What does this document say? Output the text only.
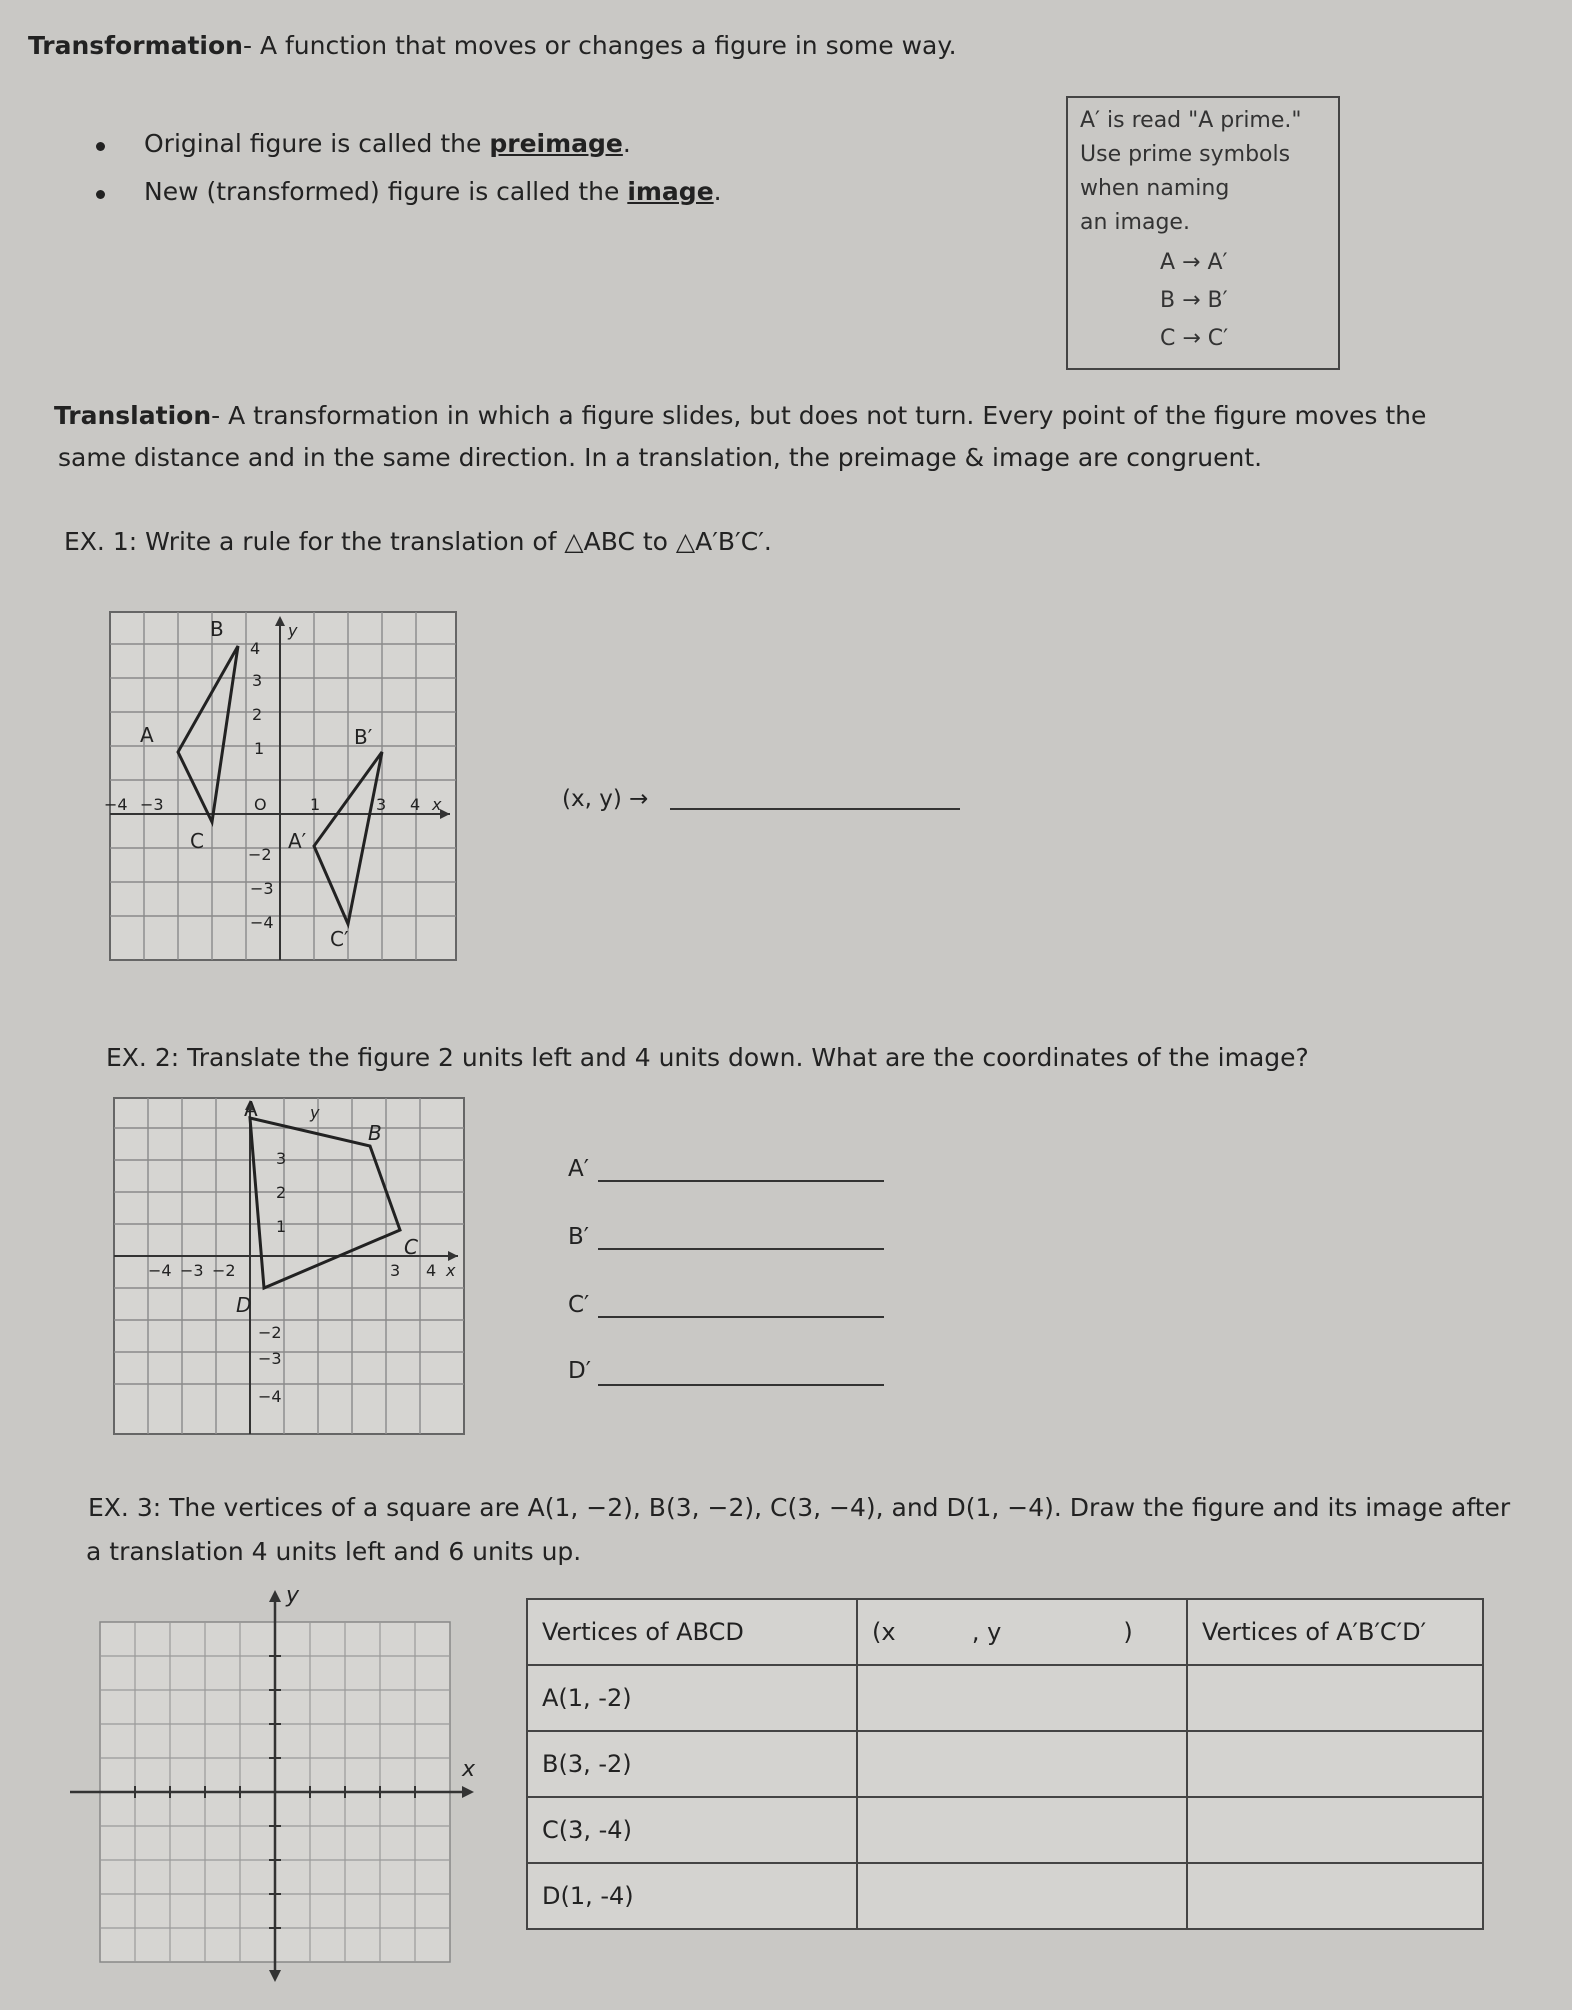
Transformation- A function that moves or changes a figure in some way.
Original figure is called the preimage.
New (transformed) figure is called the image.
A′ is read "A prime."
Use prime symbols
when naming
an image.
A → A′
B → B′
C → C′
Translation- A transformation in which a figure slides, but does not turn. Every point of the figure moves the
same distance and in the same direction. In a translation, the preimage & image are congruent.
EX. 1: Write a rule for the translation of △ABC to △A′B′C′.
−4 −3	O	1	3 4 x
4
3
2
1
−2
−3
−4
y
A
B
C	A′
B′
C′
(x, y) →
EX. 2: Translate the figure 2 units left and 4 units down. What are the coordinates of the image?
−4 −3 −2	3 4 x
3
2
1
−2
−3
−4
y
A
B
C
D
A′
B′
C′
D′
EX. 3: The vertices of a square are A(1, −2), B(3, −2), C(3, −4), and D(1, −4). Draw the figure and its image after
a translation 4 units left and 6 units up.
y
x
Vertices of ABCD	(x          , y                )	Vertices of A′B′C′D′
A(1, -2)		
B(3, -2)		
C(3, -4)		
D(1, -4)		
